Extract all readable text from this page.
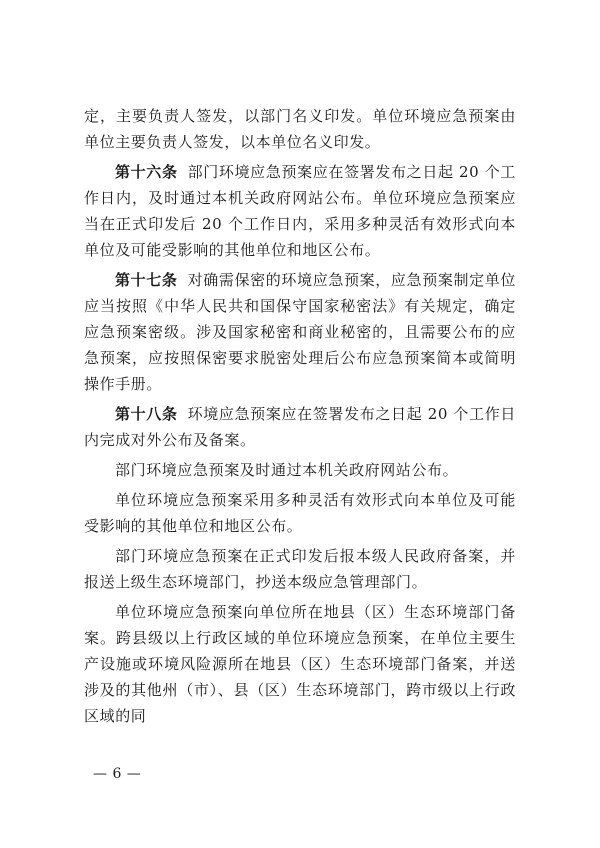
定，主要负责人签发，以部门名义印发。单位环境应急预案由单位主要负责人签发，以本单位名义印发。

第十六条 部门环境应急预案应在签署发布之日起 20 个工作日内，及时通过本机关政府网站公布。单位环境应急预案应当在正式印发后 20 个工作日内，采用多种灵活有效形式向本单位及可能受影响的其他单位和地区公布。

第十七条 对确需保密的环境应急预案，应急预案制定单位应当按照《中华人民共和国保守国家秘密法》有关规定，确定应急预案密级。涉及国家秘密和商业秘密的，且需要公布的应急预案，应按照保密要求脱密处理后公布应急预案简本或简明操作手册。

第十八条 环境应急预案应在签署发布之日起 20 个工作日内完成对外公布及备案。

部门环境应急预案及时通过本机关政府网站公布。

单位环境应急预案采用多种灵活有效形式向本单位及可能受影响的其他单位和地区公布。

部门环境应急预案在正式印发后报本级人民政府备案，并报送上级生态环境部门，抄送本级应急管理部门。

单位环境应急预案向单位所在地县（区）生态环境部门备案。跨县级以上行政区域的单位环境应急预案，在单位主要生产设施或环境风险源所在地县（区）生态环境部门备案，并送涉及的其他州（市）、县（区）生态环境部门，跨市级以上行政区域的同

— 6 —
